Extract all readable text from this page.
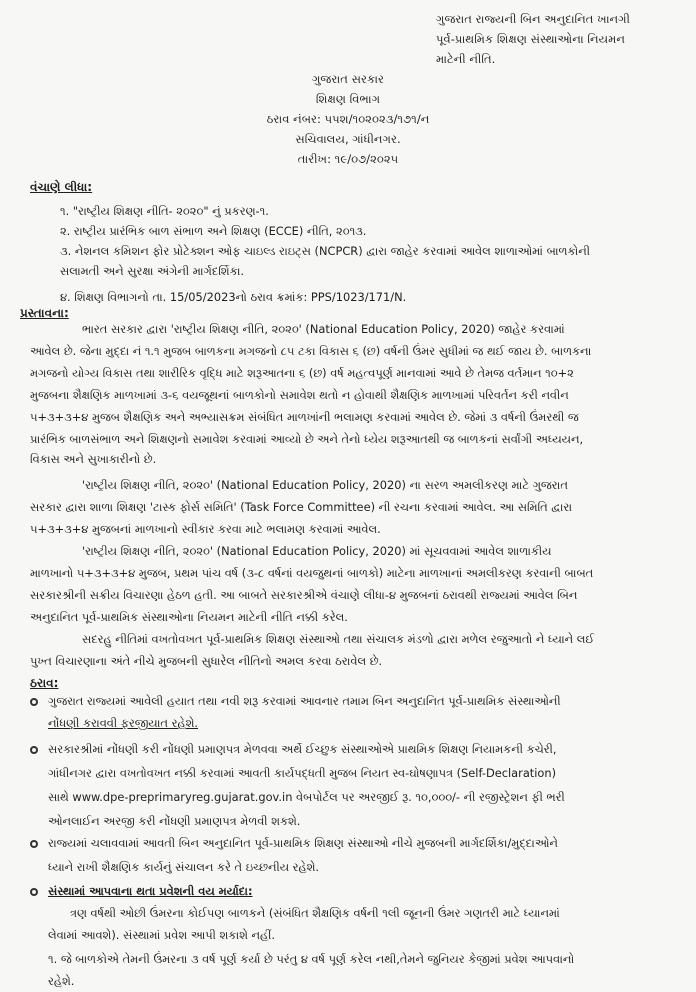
ગુજરાત રાજ્યની બિન અનુદાનિત ખાનગી
પૂર્વ-પ્રાથમિક શિક્ષણ સંસ્થાઓના નિયમન
માટેની નીતિ.
ગુજરાત સરકાર
શિક્ષણ વિભાગ
ઠરાવ નંબર: પપશ/૧૦૨૦૨૩/૧૭૧/ન
સચિવાલય, ગાંધીનગર.
તારીખ: ૧૯/૦૭/૨૦૨૫
વંચાણે લીધા:
૧. "રાષ્ટ્રીય શિક્ષણ નીતિ- ૨૦૨૦" નું પ્રકરણ-૧.
૨. રાષ્ટ્રીય પ્રારંભિક બાળ સંભાળ અને શિક્ષણ (ECCE) નીતિ, ૨૦૧૩.
૩. નેશનલ કમિશન ફોર પ્રોટેક્શન ઓફ ચાઇલ્ડ રાઇટ્સ (NCPCR) દ્વારા જાહેર કરવામાં આવેલ શાળાઓમાં બાળકોની
સલામતી અને સુરક્ષા અંગેની માર્ગદર્શિકા.
૪. શિક્ષણ વિભાગનો તા. 15/05/2023નો ઠરાવ ક્રમાંક: PPS/1023/171/N.
પ્રસ્તાવના:
ભારત સરકાર દ્વારા 'રાષ્ટ્રીય શિક્ષણ નીતિ, ૨૦૨૦' (National Education Policy, 2020) જાહેર કરવામાં
આવેલ છે. જેના મુદ્દા નં ૧.૧ મુજબ બાળકના મગજનો ૮૫ ટકા વિકાસ ૬ (છ) વર્ષની ઉંમર સુધીમાં જ થઈ જાય છે. બાળકના
મગજનો યોગ્ય વિકાસ તથા શારીરિક વૃદ્ધિ માટે શરૂઆતના ૬ (છ) વર્ષ મહત્વપૂર્ણ માનવામાં આવે છે તેમજ વર્તમાન ૧૦+૨
મુજબના શૈક્ષણિક માળખામાં ૩-૬ વયજૂથનાં બાળકોનો સમાવેશ થતો ન હોવાથી શૈક્ષણિક માળખામાં પરિવર્તન કરી નવીન
૫+૩+૩+૪ મુજબ શૈક્ષણિક અને અભ્યાસક્રમ સંબંધિત માળખાંની ભલામણ કરવામાં આવેલ છે. જેમાં ૩ વર્ષની ઉંમરથી જ
પ્રારંભિક બાળસંભાળ અને શિક્ષણનો સમાવેશ કરવામાં આવ્યો છે અને તેનો ધ્યેય શરૂઆતથી જ બાળકનાં સર્વાંગી અધ્યયન,
વિકાસ અને સુખાકારીનો છે.
'રાષ્ટ્રીય શિક્ષણ નીતિ, ૨૦૨૦' (National Education Policy, 2020) ના સરળ અમલીકરણ માટે ગુજરાત
સરકાર દ્વારા શાળા શિક્ષણ 'ટાસ્ક ફોર્સ સમિતિ' (Task Force Committee) ની રચના કરવામાં આવેલ. આ સમિતિ દ્વારા
૫+૩+૩+૪ મુજબનાં માળખાનો સ્વીકાર કરવા માટે ભલામણ કરવામાં આવેલ.
'રાષ્ટ્રીય શિક્ષણ નીતિ, ૨૦૨૦' (National Education Policy, 2020) માં સૂચવવામાં આવેલ શાળાકીય
માળખાનો ૫+૩+૩+૪ મુજબ, પ્રથમ પાંચ વર્ષ (૩-૮ વર્ષનાં વયજુથનાં બાળકો) માટેના માળખાનાં અમલીકરણ કરવાની બાબત
સરકારશ્રીની સક્રીય વિચારણા હેઠળ હતી. આ બાબતે સરકારશ્રીએ વંચાણે લીધા-૪ મુજબનાં ઠરાવથી રાજ્યમાં આવેલ બિન
અનુદાનિત પૂર્વ-પ્રાથમિક સંસ્થાઓના નિયમન માટેની નીતિ નક્કી કરેલ.
સદરહુ નીતિમાં વખતોવખત પૂર્વ-પ્રાથમિક શિક્ષણ સંસ્થાઓ તથા સંચાલક મંડળો દ્વારા મળેલ રજુઆતો ને ધ્યાને લઈ
પુખ્ત વિચારણાના અંતે નીચે મુજબની સુધારેલ નીતિનો અમલ કરવા ઠરાવેલ છે.
ઠરાવ:
ગુજરાત રાજ્યમાં આવેલી હયાત તથા નવી શરૂ કરવામાં આવનાર તમામ બિન અનુદાનિત પૂર્વ-પ્રાથમિક સંસ્થાઓની
નોંધણી કરાવવી ફરજીયાત રહેશે.
સરકારશ્રીમાં નોંધણી કરી નોંધણી પ્રમાણપત્ર મેળવવા અર્થે ઈચ્છુક સંસ્થાઓએ પ્રાથમિક શિક્ષણ નિયામકની કચેરી,
ગાંધીનગર દ્વારા વખતોવખત નક્કી કરવામાં આવતી કાર્યપદ્ધતી મુજબ નિયત સ્વ-ઘોષણાપત્ર (Self-Declaration)
સાથે www.dpe-preprimaryreg.gujarat.gov.in વેબપોર્ટલ પર અરજીઈ રૂ. ૧૦,૦૦૦/- ની રજીસ્ટ્રેશન ફી ભરી
ઓનલાઈન અરજી કરી નોંધણી પ્રમાણપત્ર મેળવી શકશે.
રાજ્યમાં ચલાવવામાં આવતી બિન અનુદાનિત પૂર્વ-પ્રાથમિક શિક્ષણ સંસ્થાઓ નીચે મુજબની માર્ગદર્શિકા/મુદ્દાઓને
ધ્યાને રાખી શૈક્ષણિક કાર્યનું સંચાલન કરે તે ઇચ્છનીય રહેશે.
સંસ્થામાં આપવાના થતા પ્રવેશની વય મર્યાદા:
ત્રણ વર્ષથી ઓછી ઉંમરના કોઈપણ બાળકને (સંબંધિત શૈક્ષણિક વર્ષની ૧લી જૂનની ઉંમર ગણતરી માટે ધ્યાનમાં
લેવામાં આવશે). સંસ્થામાં પ્રવેશ આપી શકાશે નહીં.
૧. જે બાળકોએ તેમની ઉંમરના ૩ વર્ષ પૂર્ણ કર્યા છે પરંતુ ૪ વર્ષ પૂર્ણ કરેલ નથી,તેમને જુનિયર કેજીમાં પ્રવેશ આપવાનો
રહેશે.
